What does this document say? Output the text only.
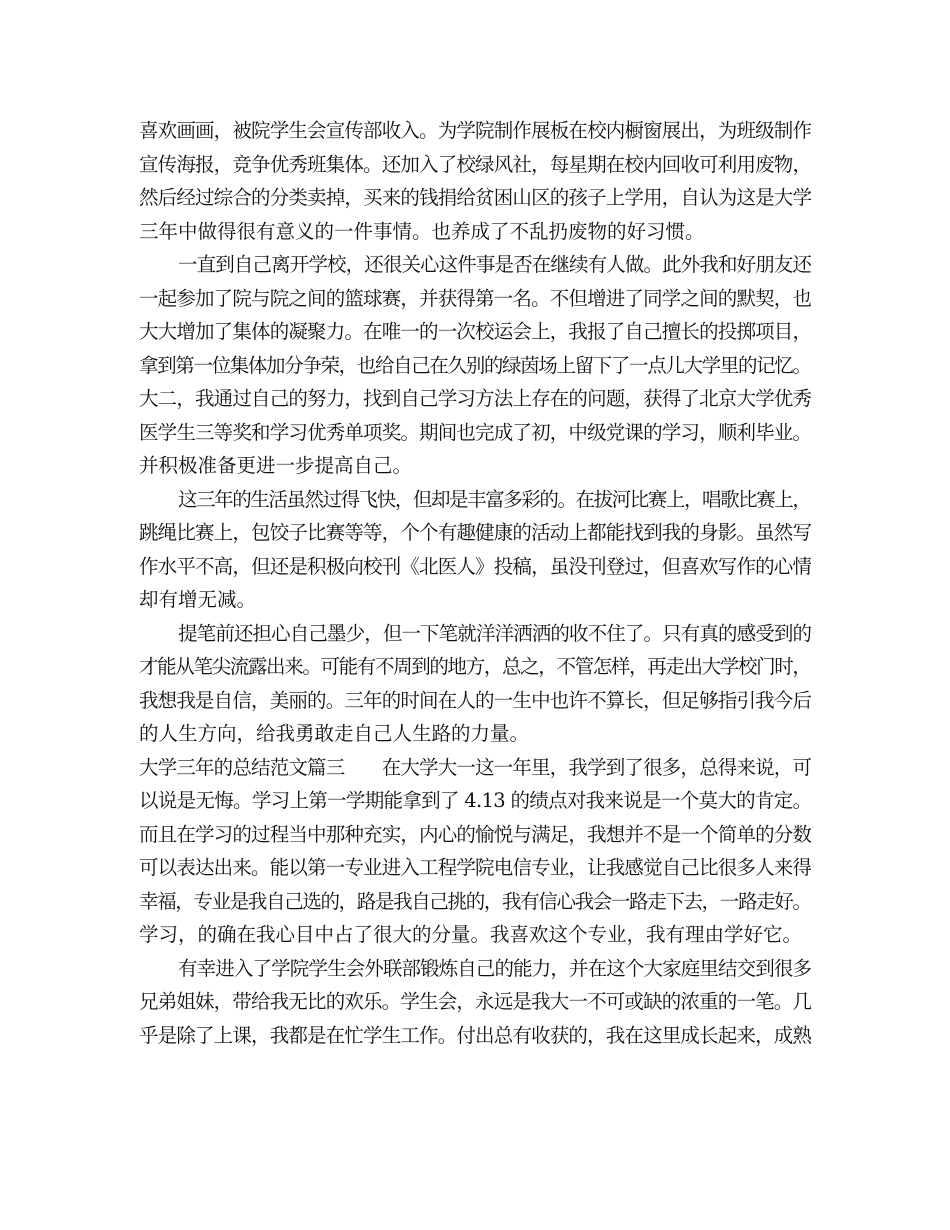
喜欢画画，被院学生会宣传部收入。为学院制作展板在校内橱窗展出，为班级制作
宣传海报，竞争优秀班集体。还加入了校绿风社，每星期在校内回收可利用废物，
然后经过综合的分类卖掉，买来的钱捐给贫困山区的孩子上学用，自认为这是大学
三年中做得很有意义的一件事情。也养成了不乱扔废物的好习惯。
一直到自己离开学校，还很关心这件事是否在继续有人做。此外我和好朋友还
一起参加了院与院之间的篮球赛，并获得第一名。不但增进了同学之间的默契，也
大大增加了集体的凝聚力。在唯一的一次校运会上，我报了自己擅长的投掷项目，
拿到第一位集体加分争荣，也给自己在久别的绿茵场上留下了一点儿大学里的记忆。
大二，我通过自己的努力，找到自己学习方法上存在的问题，获得了北京大学优秀
医学生三等奖和学习优秀单项奖。期间也完成了初，中级党课的学习，顺利毕业。
并积极准备更进一步提高自己。
这三年的生活虽然过得飞快，但却是丰富多彩的。在拔河比赛上，唱歌比赛上，
跳绳比赛上，包饺子比赛等等，个个有趣健康的活动上都能找到我的身影。虽然写
作水平不高，但还是积极向校刊《北医人》投稿，虽没刊登过，但喜欢写作的心情
却有增无减。
提笔前还担心自己墨少，但一下笔就洋洋洒洒的收不住了。只有真的感受到的
才能从笔尖流露出来。可能有不周到的地方，总之，不管怎样，再走出大学校门时，
我想我是自信，美丽的。三年的时间在人的一生中也许不算长，但足够指引我今后
的人生方向，给我勇敢走自己人生路的力量。
大学三年的总结范文篇三　　在大学大一这一年里，我学到了很多，总得来说，可
以说是无悔。学习上第一学期能拿到了 4.13 的绩点对我来说是一个莫大的肯定。
而且在学习的过程当中那种充实，内心的愉悦与满足，我想并不是一个简单的分数
可以表达出来。能以第一专业进入工程学院电信专业，让我感觉自己比很多人来得
幸福，专业是我自己选的，路是我自己挑的，我有信心我会一路走下去，一路走好。
学习，的确在我心目中占了很大的分量。我喜欢这个专业，我有理由学好它。
有幸进入了学院学生会外联部锻炼自己的能力，并在这个大家庭里结交到很多
兄弟姐妹，带给我无比的欢乐。学生会，永远是我大一不可或缺的浓重的一笔。几
乎是除了上课，我都是在忙学生工作。付出总有收获的，我在这里成长起来，成熟
